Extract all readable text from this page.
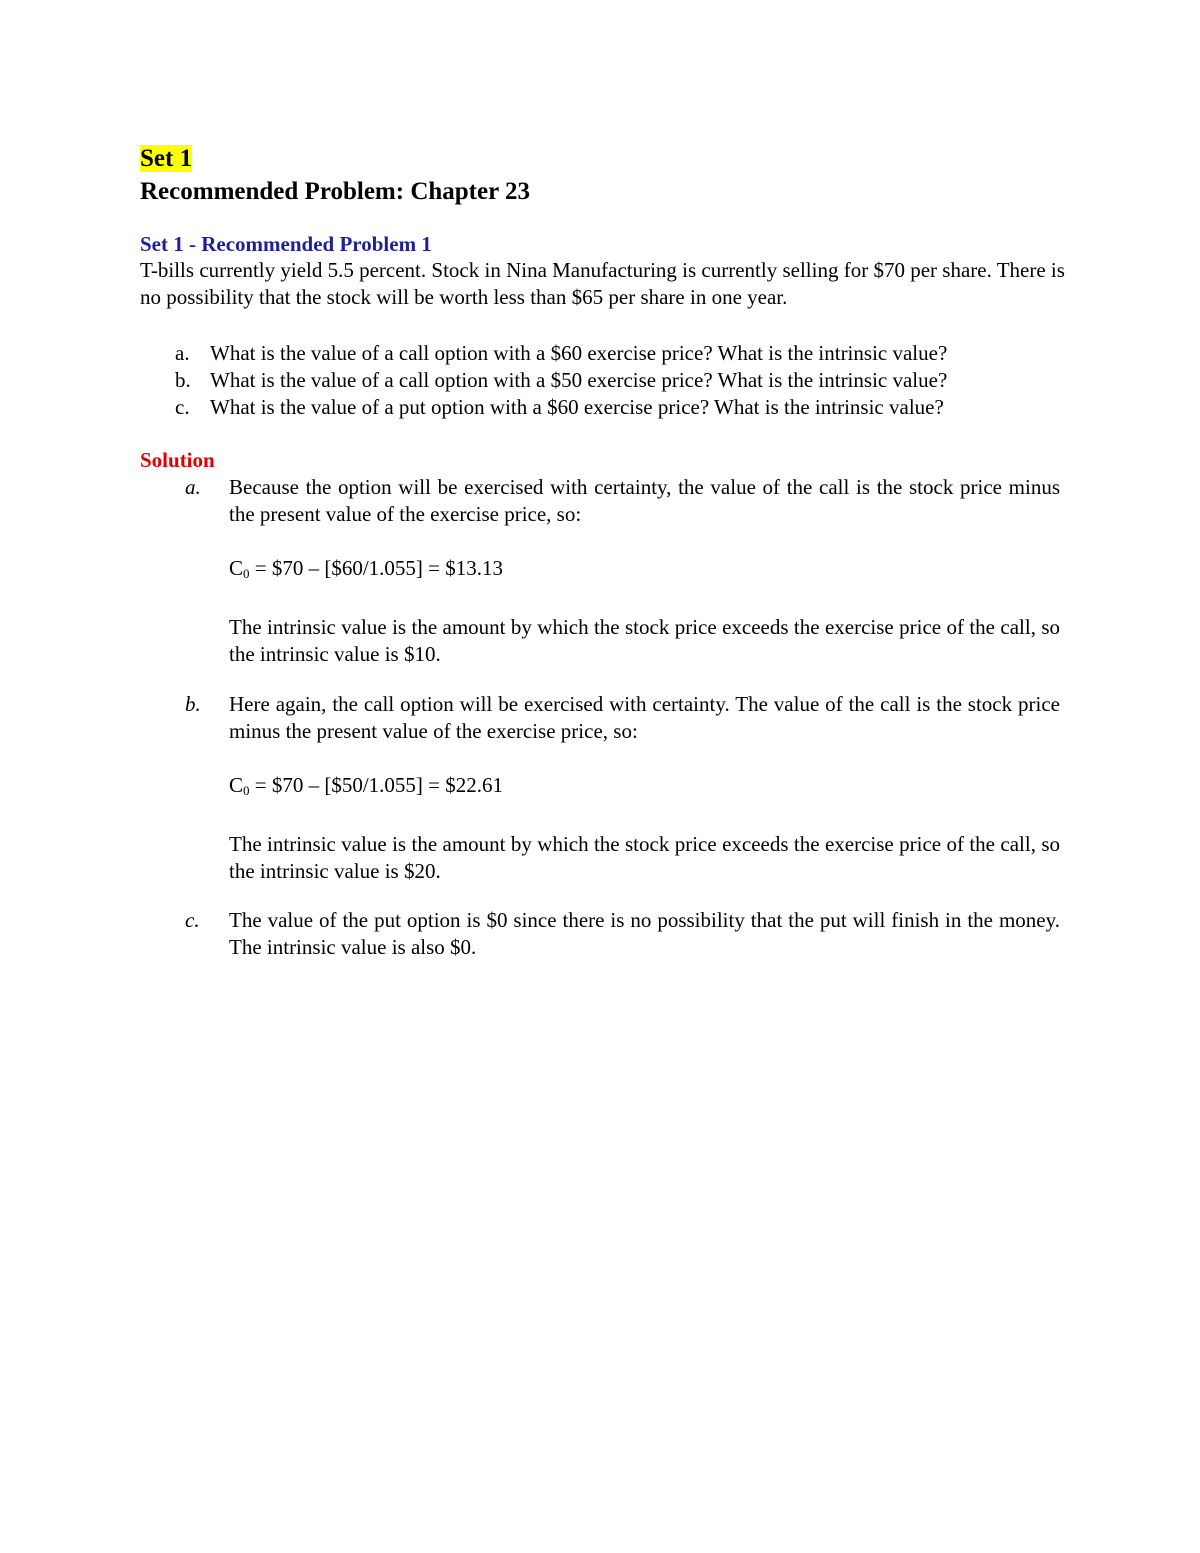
Set 1
Recommended Problem: Chapter 23
Set 1 - Recommended Problem 1

T-bills currently yield 5.5 percent. Stock in Nina Manufacturing is currently selling for $70 per share. There is no possibility that the stock will be worth less than $65 per share in one year.

a. What is the value of a call option with a $60 exercise price? What is the intrinsic value?
b. What is the value of a call option with a $50 exercise price? What is the intrinsic value?
c. What is the value of a put option with a $60 exercise price? What is the intrinsic value?

Solution

a.	Because the option will be exercised with certainty, the value of the call is the stock price minus the present value of the exercise price, so:

$C_0$ = $70 – [$60/1.055] = $13.13

The intrinsic value is the amount by which the stock price exceeds the exercise price of the call, so the intrinsic value is $10.

b.	Here again, the call option will be exercised with certainty. The value of the call is the stock price minus the present value of the exercise price, so:

$C_0$ = $70 – [$50/1.055] = $22.61

The intrinsic value is the amount by which the stock price exceeds the exercise price of the call, so the intrinsic value is $20.

c.	The value of the put option is $0 since there is no possibility that the put will finish in the money. The intrinsic value is also $0.
